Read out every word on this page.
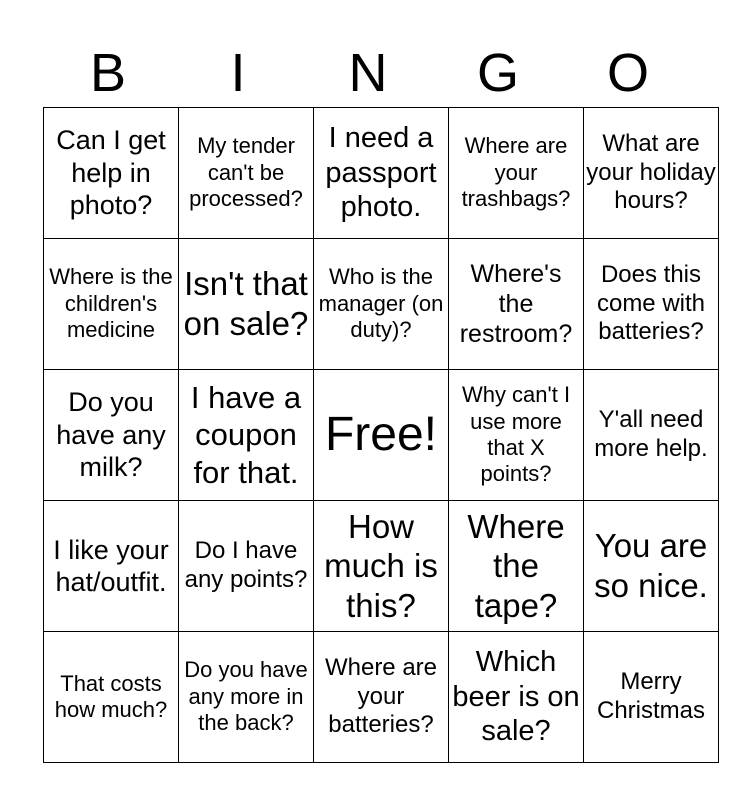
B	I	N	G	O
Can I get help in photo?	My tender can't be processed?	I need a passport photo.	Where are your trashbags?	What are your holiday hours?
Where is the children's medicine	Isn't that on sale?	Who is the manager (on duty)?	Where's the restroom?	Does this come with batteries?
Do you have any milk?	I have a coupon for that.	Free!	Why can't I use more that X points?	Y'all need more help.
I like your hat/outfit.	Do I have any points?	How much is this?	Where the tape?	You are so nice.
That costs how much?	Do you have any more in the back?	Where are your batteries?	Which beer is on sale?	Merry Christmas
